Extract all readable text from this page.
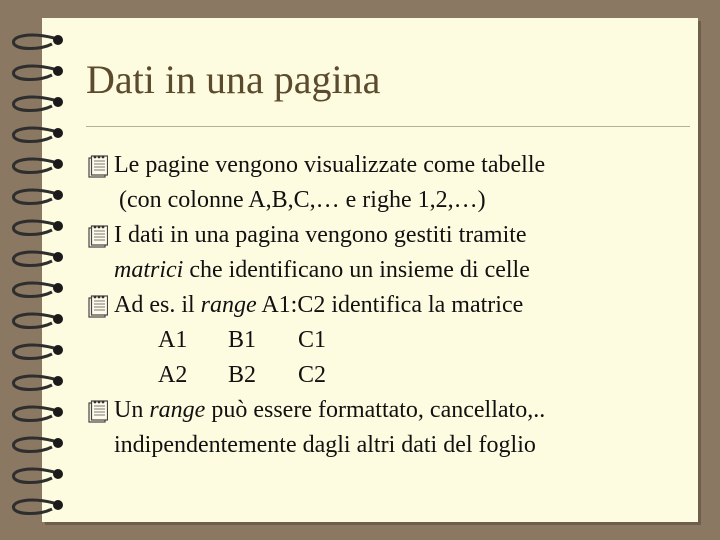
Dati in una pagina
Le pagine vengono visualizzate come tabelle
(con colonne A,B,C,… e righe 1,2,…)
I dati in una pagina vengono gestiti tramite
matrici che identificano un insieme di celle
Ad es. il range A1:C2 identifica la matrice
A1 B1 C1
A2 B2 C2
Un range può essere formattato, cancellato,..
indipendentemente dagli altri dati del foglio
